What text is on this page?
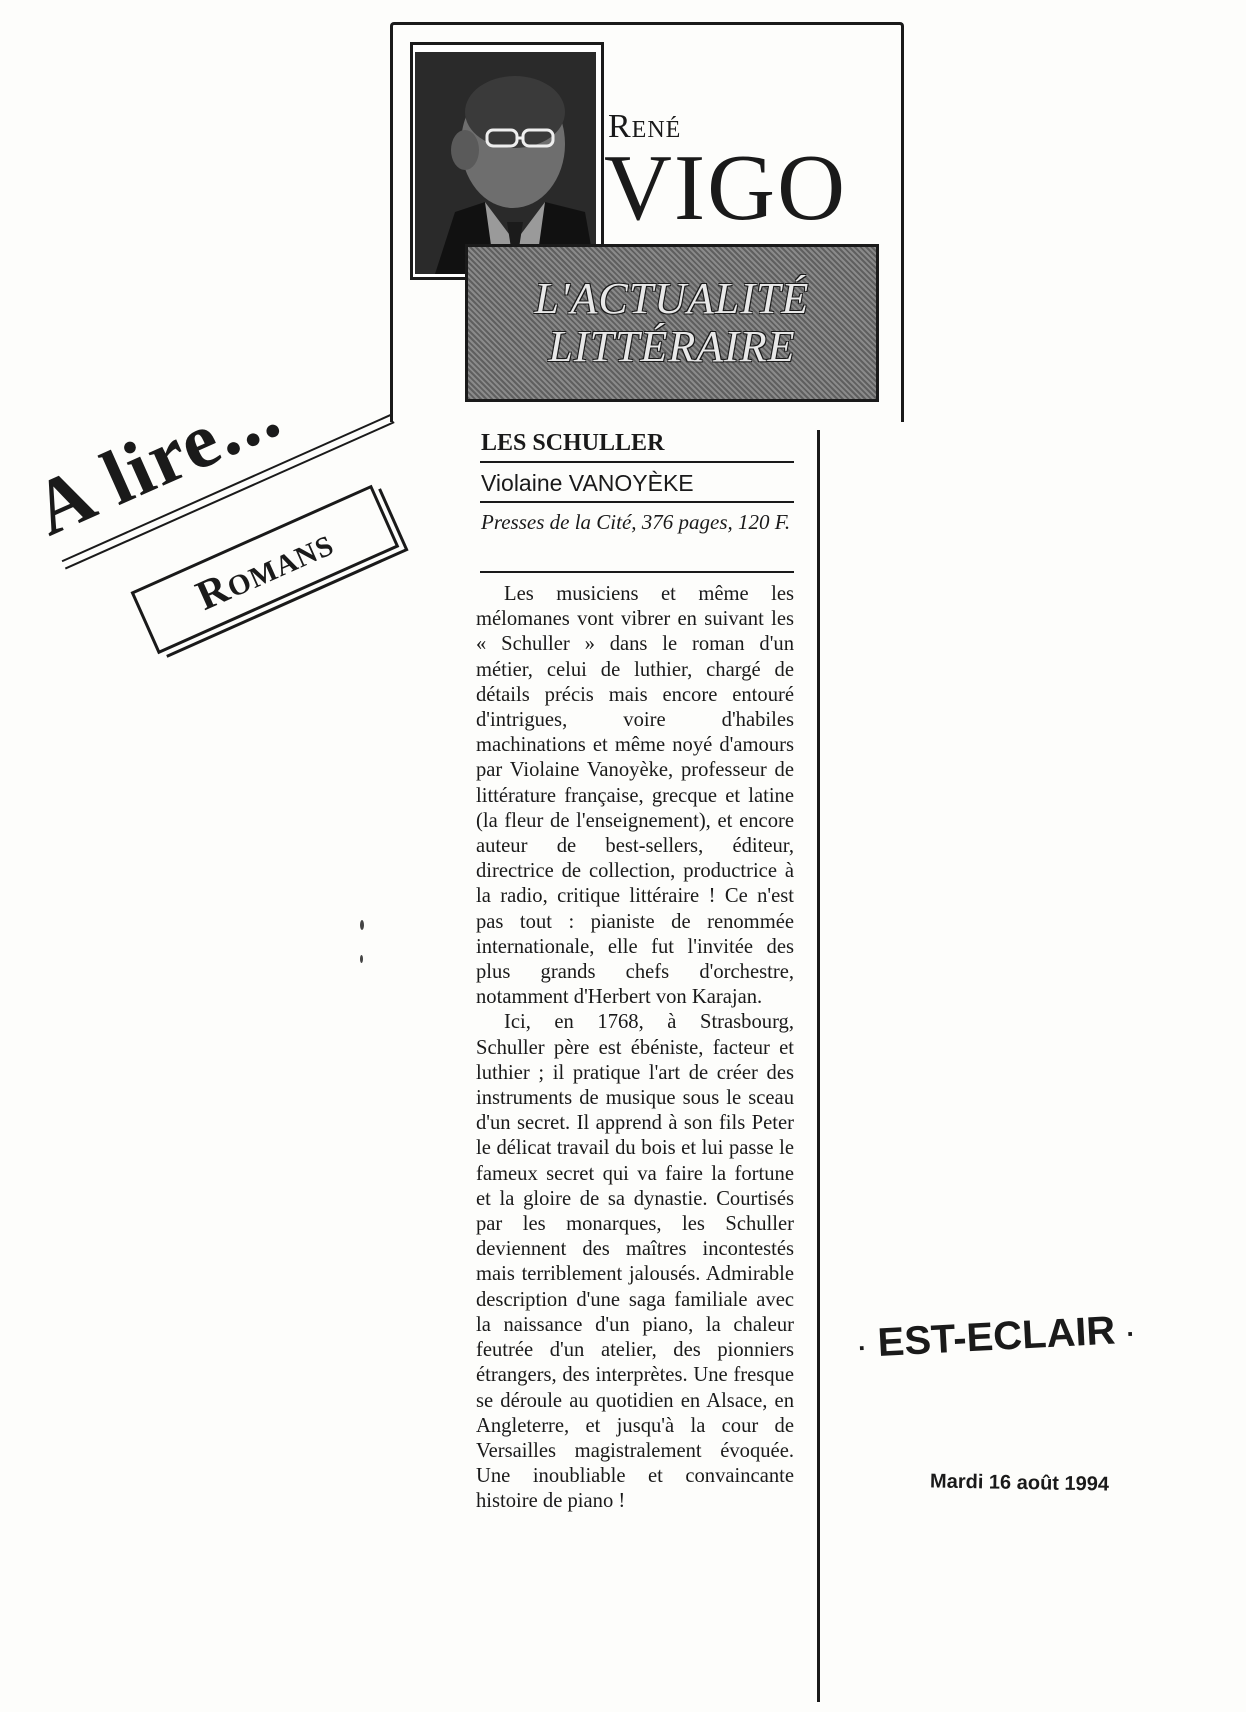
René
VIGO
L'ACTUALITÉ
LITTÉRAIRE
A lire...
Romans
LES SCHULLER
Violaine VANOYÈKE
Presses de la Cité, 376 pages, 120 F.

Les musiciens et même les mélomanes vont vibrer en suivant les « Schuller » dans le roman d'un métier, celui de luthier, chargé de détails précis mais encore entouré d'intrigues, voire d'habiles machinations et même noyé d'amours par Violaine Vanoyèke, professeur de littérature française, grecque et latine (la fleur de l'enseignement), et encore auteur de best-sellers, éditeur, directrice de collection, productrice à la radio, critique littéraire ! Ce n'est pas tout : pianiste de renommée internationale, elle fut l'invitée des plus grands chefs d'orchestre, notamment d'Herbert von Karajan.

Ici, en 1768, à Strasbourg, Schuller père est ébéniste, facteur et luthier ; il pratique l'art de créer des instruments de musique sous le sceau d'un secret. Il apprend à son fils Peter le délicat travail du bois et lui passe le fameux secret qui va faire la fortune et la gloire de sa dynastie. Courtisés par les monarques, les Schuller deviennent des maîtres incontestés mais terriblement jalousés. Admirable description d'une saga familiale avec la naissance d'un piano, la chaleur feutrée d'un atelier, des pionniers étrangers, des interprètes. Une fresque se déroule au quotidien en Alsace, en Angleterre, et jusqu'à la cour de Versailles magistralement évoquée. Une inoubliable et convaincante histoire de piano !

· EST-ECLAIR ·
Mardi 16 août 1994
